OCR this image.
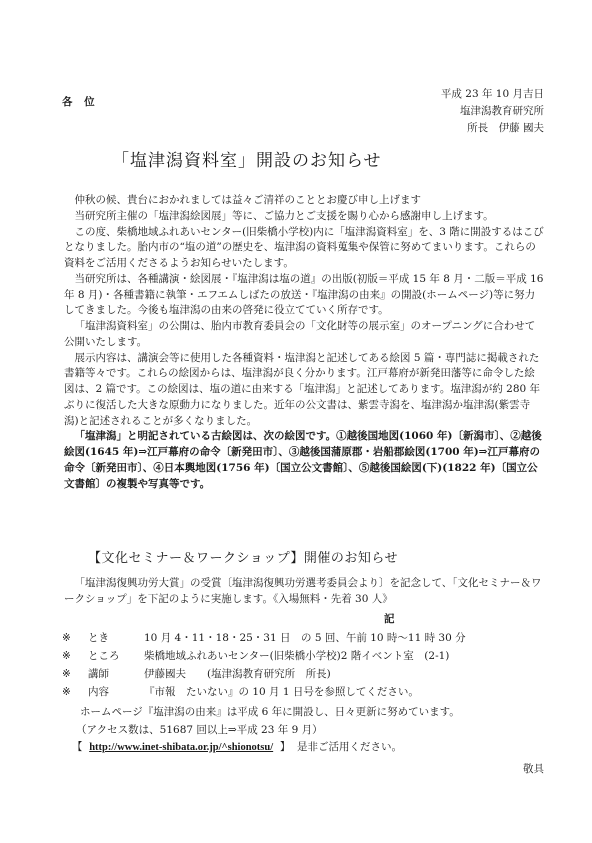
各 位
平成 23 年 10 月吉日
塩津潟教育研究所
所長　伊藤 國夫
「塩津潟資料室」開設のお知らせ

仲秋の候、貴台におかれましては益々ご清祥のこととお慶び申し上げます

当研究所主催の「塩津潟絵図展」等に、ご協力とご支援を賜り心から感謝申し上げます。

この度、柴橋地域ふれあいセンター(旧柴橋小学校)内に「塩津潟資料室」を、3 階に開設するはこびとなりました。胎内市の“塩の道”の歴史を、塩津潟の資料蒐集や保管に努めてまいります。これらの資料をご活用くださるようお知らせいたします。

当研究所は、各種講演・絵図展・『塩津潟は塩の道』の出版(初版＝平成 15 年 8 月・二版＝平成 16 年 8 月)・各種書籍に執筆・エフエムしばたの放送・『塩津潟の由来』の開設(ホームページ)等に努力してきました。今後も塩津潟の由来の啓発に役立てていく所存です。

「塩津潟資料室」の公開は、胎内市教育委員会の「文化財等の展示室」のオープニングに合わせて公開いたします。

展示内容は、講演会等に使用した各種資料・塩津潟と記述してある絵図 5 篇・専門誌に掲載された書籍等々です。これらの絵図からは、塩津潟が良く分かります。江戸幕府が新発田藩等に命令した絵図は、2 篇です。この絵図は、塩の道に由来する「塩津潟」と記述してあります。塩津潟が約 280 年ぶりに復活した大きな原動力になりました。近年の公文書は、紫雲寺潟を、塩津潟か塩津潟(紫雲寺潟)と記述されることが多くなりました。

「塩津潟」と明記されている古絵図は、次の絵図です。①越後国地図(1060 年)〔新潟市〕、②越後絵図(1645 年)⇒江戸幕府の命令〔新発田市〕、③越後国蒲原郡・岩船郡絵図(1700 年)⇒江戸幕府の命令〔新発田市〕、④日本輿地図(1756 年)〔国立公文書館〕、⑤越後国絵図(下)(1822 年)〔国立公文書館〕の複製や写真等です。

【文化セミナー＆ワークショップ】開催のお知らせ

「塩津潟復興功労大賞」の受賞〔塩津潟復興功労選考委員会より〕を記念して、「文化セミナー＆ワークショップ」を下記のように実施します。《入場無料・先着 30 人》

記
※ とき	10 月 4・11・18・25・31 日　の 5 回、午前 10 時〜11 時 30 分
※ ところ 柴橋地域ふれあいセンター(旧柴橋小学校)2 階イベント室　(2-1)
※ 講師	伊藤國夫　　(塩津潟教育研究所　所長)
※ 内容	『市報　たいない』の 10 月 1 日号を参照してください。
ホームページ『塩津潟の由来』は平成 6 年に開設し、日々更新に努めています。
（アクセス数は、51687 回以上⇒平成 23 年 9 月）
【 http://www.inet-shibata.or.jp/^shionotsu/ 】 是非ご活用ください。
敬具
